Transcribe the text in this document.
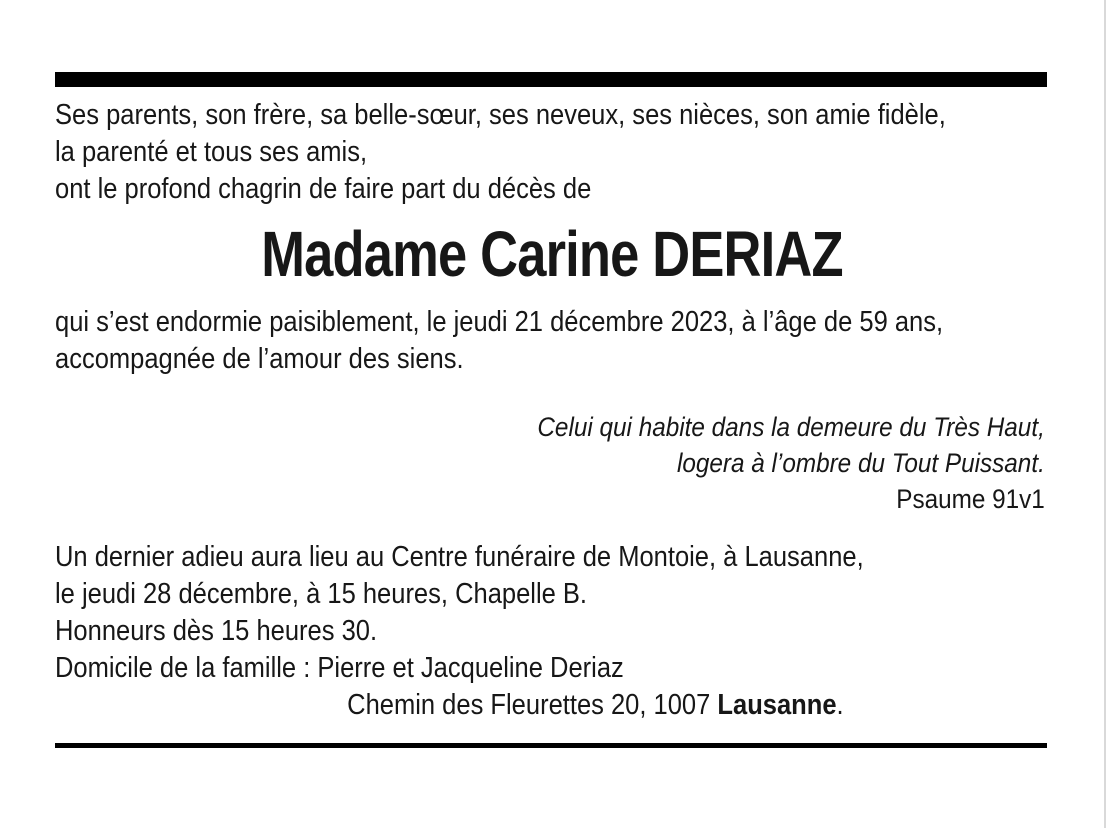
Ses parents, son frère, sa belle-sœur, ses neveux, ses nièces, son amie fidèle,
la parenté et tous ses amis,
ont le profond chagrin de faire part du décès de
Madame Carine DERIAZ
qui s’est endormie paisiblement, le jeudi 21 décembre 2023, à l’âge de 59 ans,
accompagnée de l’amour des siens.
Celui qui habite dans la demeure du Très Haut,
logera à l’ombre du Tout Puissant.
Psaume 91v1
Un dernier adieu aura lieu au Centre funéraire de Montoie, à Lausanne,
le jeudi 28 décembre, à 15 heures, Chapelle B.
Honneurs dès 15 heures 30.
Domicile de la famille : Pierre et Jacqueline Deriaz
Chemin des Fleurettes 20, 1007 Lausanne.
